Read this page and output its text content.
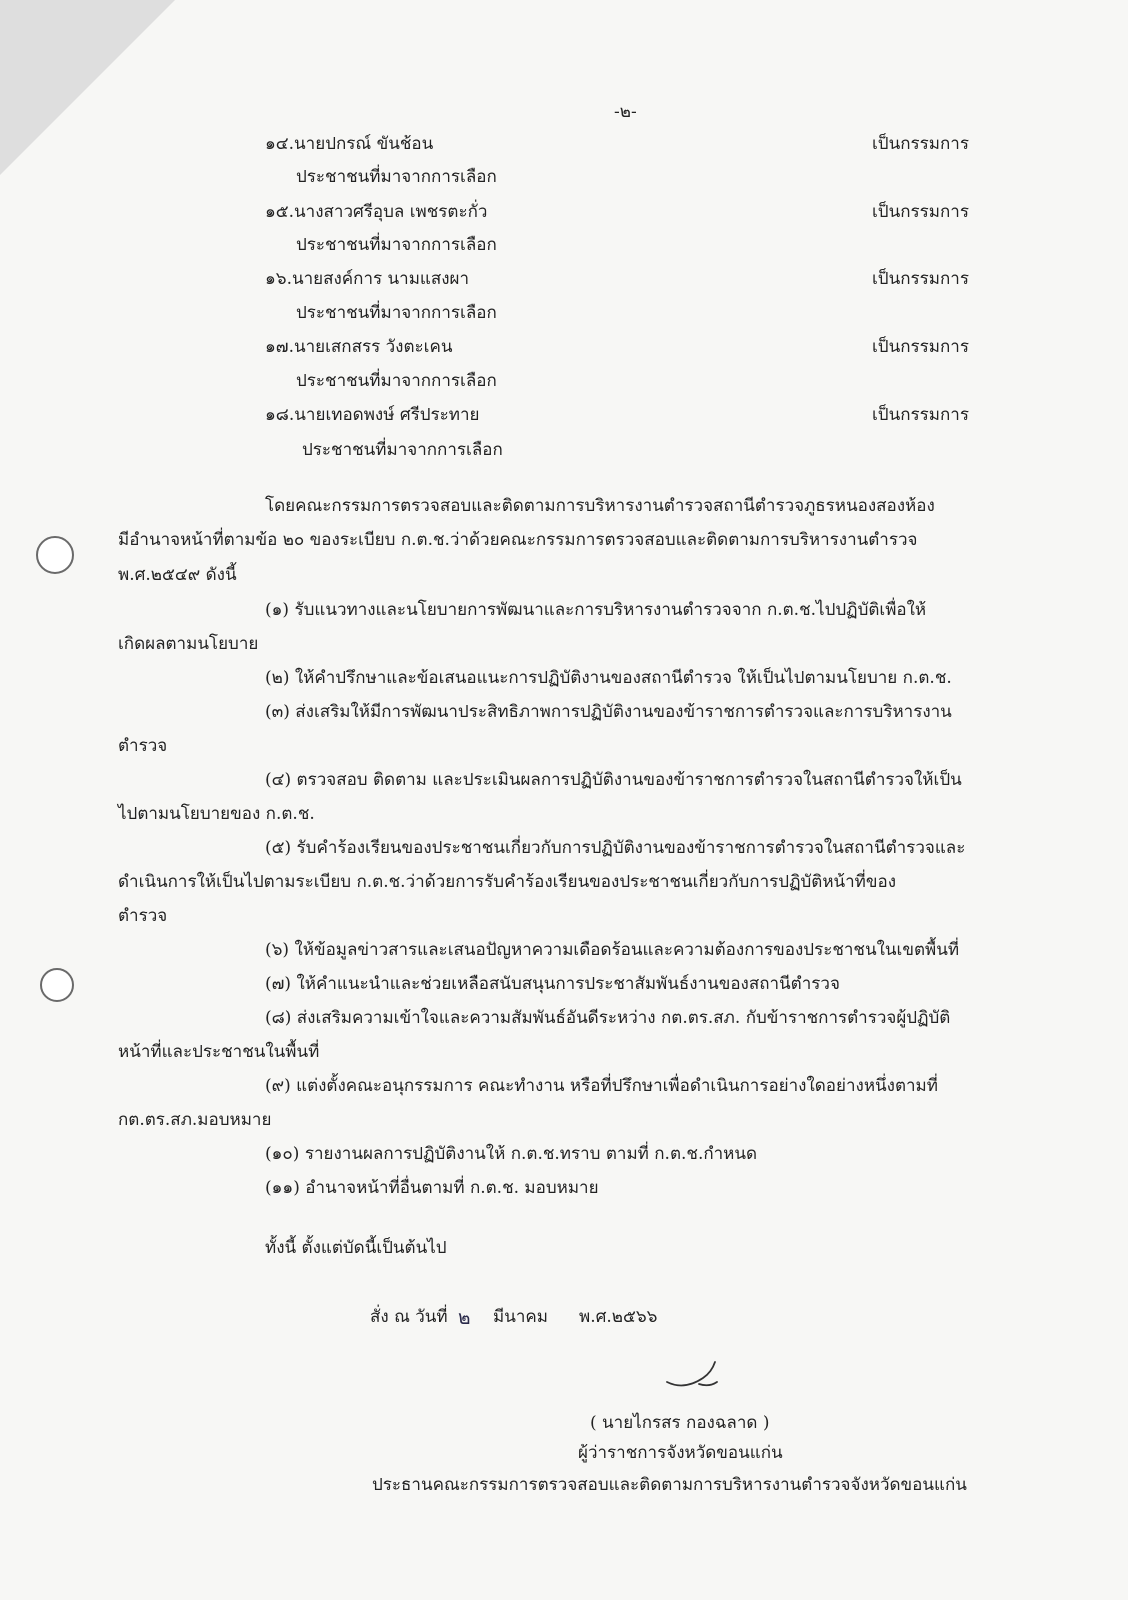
-๒-
๑๔.นายปกรณ์ ขันช้อน	เป็นกรรมการ
ประชาชนที่มาจากการเลือก
๑๕.นางสาวศรีอุบล เพชรตะกั่ว	เป็นกรรมการ
ประชาชนที่มาจากการเลือก
๑๖.นายสงค์การ นามแสงผา	เป็นกรรมการ
ประชาชนที่มาจากการเลือก
๑๗.นายเสกสรร วังตะเคน	เป็นกรรมการ
ประชาชนที่มาจากการเลือก
๑๘.นายเทอดพงษ์ ศรีประทาย	เป็นกรรมการ
ประชาชนที่มาจากการเลือก
โดยคณะกรรมการตรวจสอบและติดตามการบริหารงานตำรวจสถานีตำรวจภูธรหนองสองห้อง
มีอำนาจหน้าที่ตามข้อ ๒๐ ของระเบียบ ก.ต.ช.ว่าด้วยคณะกรรมการตรวจสอบและติดตามการบริหารงานตำรวจ
พ.ศ.๒๕๔๙ ดังนี้
(๑) รับแนวทางและนโยบายการพัฒนาและการบริหารงานตำรวจจาก ก.ต.ช.ไปปฏิบัติเพื่อให้
เกิดผลตามนโยบาย
(๒) ให้คำปรึกษาและข้อเสนอแนะการปฏิบัติงานของสถานีตำรวจ ให้เป็นไปตามนโยบาย ก.ต.ช.
(๓) ส่งเสริมให้มีการพัฒนาประสิทธิภาพการปฏิบัติงานของข้าราชการตำรวจและการบริหารงาน
ตำรวจ
(๔) ตรวจสอบ ติดตาม และประเมินผลการปฏิบัติงานของข้าราชการตำรวจในสถานีตำรวจให้เป็น
ไปตามนโยบายของ ก.ต.ช.
(๕) รับคำร้องเรียนของประชาชนเกี่ยวกับการปฏิบัติงานของข้าราชการตำรวจในสถานีตำรวจและ
ดำเนินการให้เป็นไปตามระเบียบ ก.ต.ช.ว่าด้วยการรับคำร้องเรียนของประชาชนเกี่ยวกับการปฏิบัติหน้าที่ของ
ตำรวจ
(๖) ให้ข้อมูลข่าวสารและเสนอปัญหาความเดือดร้อนและความต้องการของประชาชนในเขตพื้นที่
(๗) ให้คำแนะนำและช่วยเหลือสนับสนุนการประชาสัมพันธ์งานของสถานีตำรวจ
(๘) ส่งเสริมความเข้าใจและความสัมพันธ์อันดีระหว่าง กต.ตร.สภ. กับข้าราชการตำรวจผู้ปฏิบัติ
หน้าที่และประชาชนในพื้นที่
(๙) แต่งตั้งคณะอนุกรรมการ คณะทำงาน หรือที่ปรึกษาเพื่อดำเนินการอย่างใดอย่างหนึ่งตามที่
กต.ตร.สภ.มอบหมาย
(๑๐) รายงานผลการปฏิบัติงานให้ ก.ต.ช.ทราบ ตามที่ ก.ต.ช.กำหนด
(๑๑) อำนาจหน้าที่อื่นตามที่ ก.ต.ช. มอบหมาย
ทั้งนี้ ตั้งแต่บัดนี้เป็นต้นไป
สั่ง ณ วันที่ ๒ มีนาคม พ.ศ.๒๕๖๖
( นายไกรสร กองฉลาด )
ผู้ว่าราชการจังหวัดขอนแก่น
ประธานคณะกรรมการตรวจสอบและติดตามการบริหารงานตำรวจจังหวัดขอนแก่น
